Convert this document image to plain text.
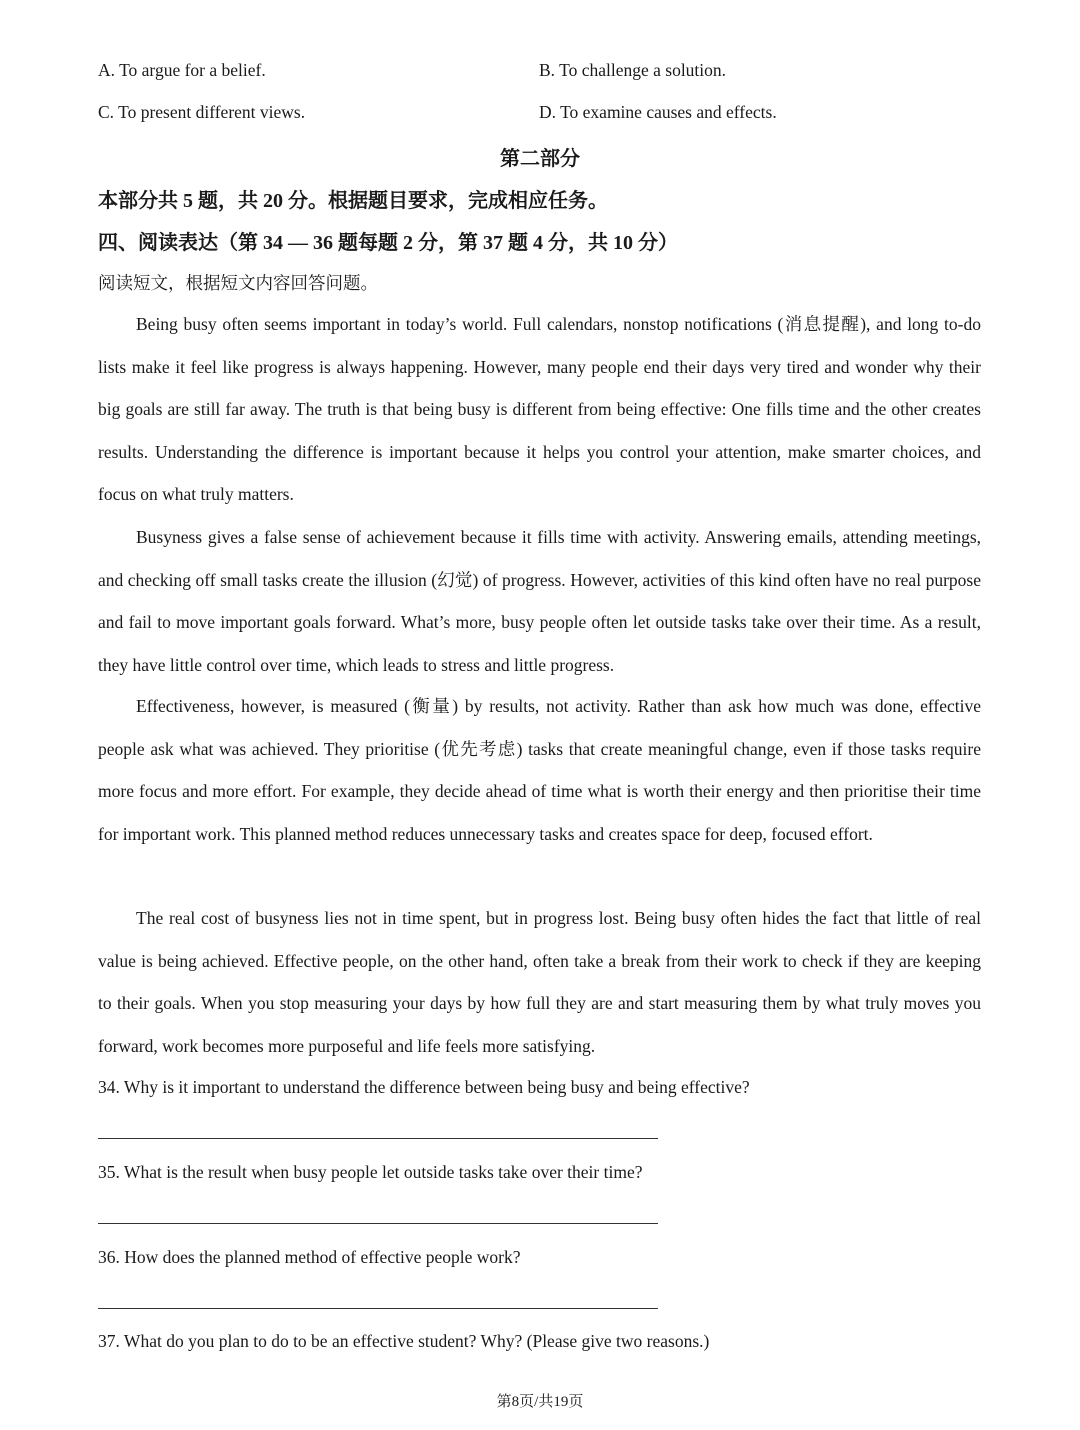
A. To argue for a belief.	B. To challenge a solution.
C. To present different views.	D. To examine causes and effects.
第二部分
本部分共 5 题，共 20 分。根据题目要求，完成相应任务。
四、阅读表达（第 34 — 36 题每题 2 分，第 37 题 4 分，共 10 分）
阅读短文，根据短文内容回答问题。
Being busy often seems important in today’s world. Full calendars, nonstop notifications (消息提醒), and long to-do lists make it feel like progress is always happening. However, many people end their days very tired and wonder why their big goals are still far away. The truth is that being busy is different from being effective: One fills time and the other creates results. Understanding the difference is important because it helps you control your attention, make smarter choices, and focus on what truly matters.
Busyness gives a false sense of achievement because it fills time with activity. Answering emails, attending meetings, and checking off small tasks create the illusion (幻觉) of progress. However, activities of this kind often have no real purpose and fail to move important goals forward. What’s more, busy people often let outside tasks take over their time. As a result, they have little control over time, which leads to stress and little progress.
Effectiveness, however, is measured (衡量) by results, not activity. Rather than ask how much was done, effective people ask what was achieved. They prioritise (优先考虑) tasks that create meaningful change, even if those tasks require more focus and more effort. For example, they decide ahead of time what is worth their energy and then prioritise their time for important work. This planned method reduces unnecessary tasks and creates space for deep, focused effort.
The real cost of busyness lies not in time spent, but in progress lost. Being busy often hides the fact that little of real value is being achieved. Effective people, on the other hand, often take a break from their work to check if they are keeping to their goals. When you stop measuring your days by how full they are and start measuring them by what truly moves you forward, work becomes more purposeful and life feels more satisfying.
34. Why is it important to understand the difference between being busy and being effective?
35. What is the result when busy people let outside tasks take over their time?
36. How does the planned method of effective people work?
37. What do you plan to do to be an effective student? Why? (Please give two reasons.)
第8页/共19页
